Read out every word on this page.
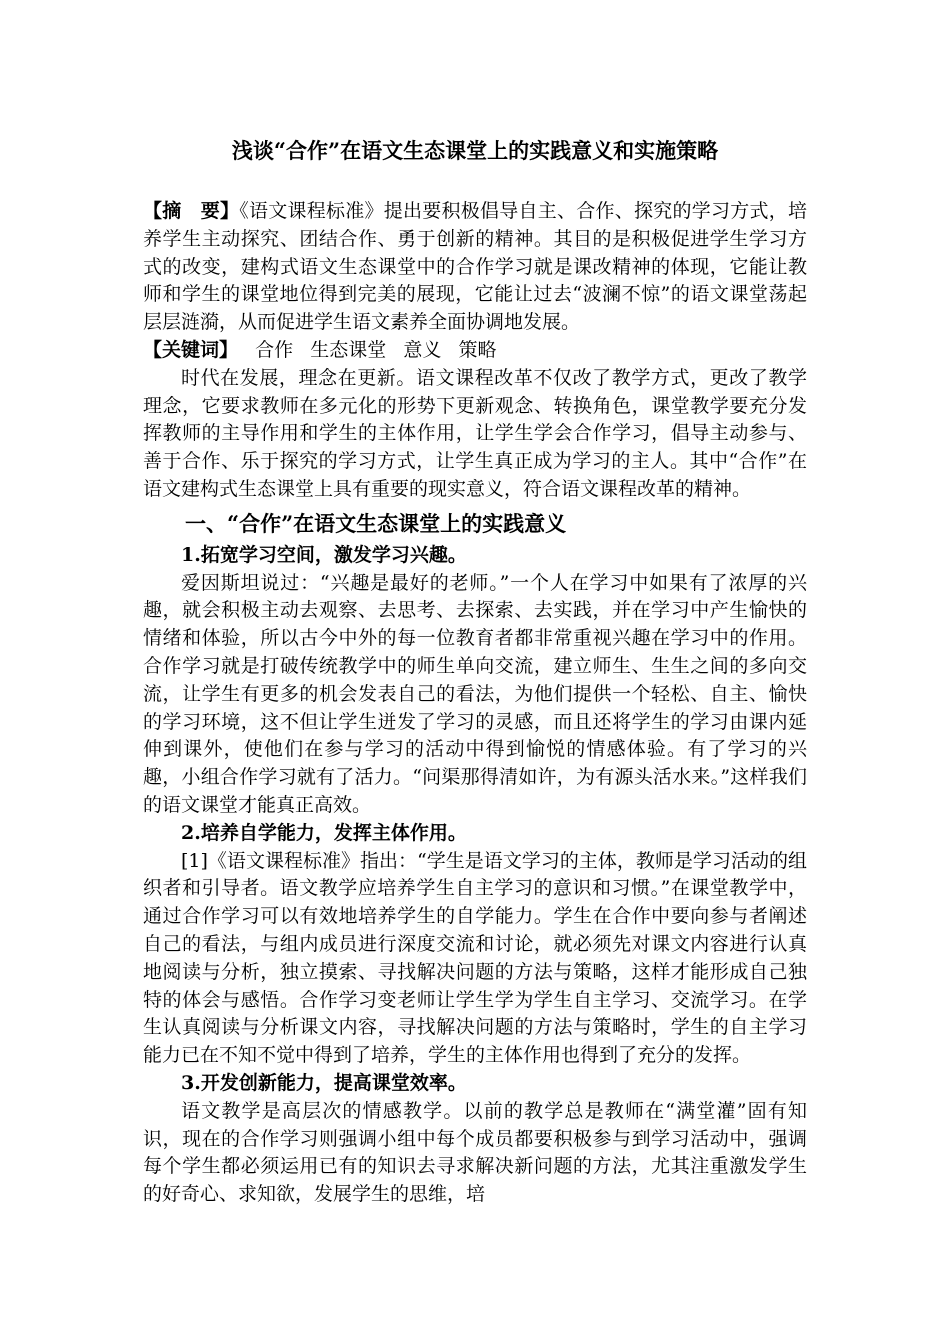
浅谈“合作”在语文生态课堂上的实践意义和实施策略

【摘　要】《语文课程标准》提出要积极倡导自主、合作、探究的学习方式，培养学生主动探究、团结合作、勇于创新的精神。其目的是积极促进学生学习方式的改变，建构式语文生态课堂中的合作学习就是课改精神的体现，它能让教师和学生的课堂地位得到完美的展现，它能让过去“波澜不惊”的语文课堂荡起层层涟漪，从而促进学生语文素养全面协调地发展。

【关键词】 合作 生态课堂 意义 策略

时代在发展，理念在更新。语文课程改革不仅改了教学方式，更改了教学理念，它要求教师在多元化的形势下更新观念、转换角色，课堂教学要充分发挥教师的主导作用和学生的主体作用，让学生学会合作学习，倡导主动参与、善于合作、乐于探究的学习方式，让学生真正成为学习的主人。其中“合作”在语文建构式生态课堂上具有重要的现实意义，符合语文课程改革的精神。

一、“合作”在语文生态课堂上的实践意义

1.拓宽学习空间，激发学习兴趣。

爱因斯坦说过：“兴趣是最好的老师。”一个人在学习中如果有了浓厚的兴趣，就会积极主动去观察、去思考、去探索、去实践，并在学习中产生愉快的情绪和体验，所以古今中外的每一位教育者都非常重视兴趣在学习中的作用。合作学习就是打破传统教学中的师生单向交流，建立师生、生生之间的多向交流，让学生有更多的机会发表自己的看法，为他们提供一个轻松、自主、愉快的学习环境，这不但让学生迸发了学习的灵感，而且还将学生的学习由课内延伸到课外，使他们在参与学习的活动中得到愉悦的情感体验。有了学习的兴趣，小组合作学习就有了活力。“问渠那得清如许，为有源头活水来。”这样我们的语文课堂才能真正高效。

2.培养自学能力，发挥主体作用。

[1]《语文课程标准》指出：“学生是语文学习的主体，教师是学习活动的组织者和引导者。语文教学应培养学生自主学习的意识和习惯。”在课堂教学中，通过合作学习可以有效地培养学生的自学能力。学生在合作中要向参与者阐述自己的看法，与组内成员进行深度交流和讨论，就必须先对课文内容进行认真地阅读与分析，独立摸索、寻找解决问题的方法与策略，这样才能形成自己独特的体会与感悟。合作学习变老师让学生学为学生自主学习、交流学习。在学生认真阅读与分析课文内容，寻找解决问题的方法与策略时，学生的自主学习能力已在不知不觉中得到了培养，学生的主体作用也得到了充分的发挥。

3.开发创新能力，提高课堂效率。

语文教学是高层次的情感教学。以前的教学总是教师在“满堂灌”固有知识，现在的合作学习则强调小组中每个成员都要积极参与到学习活动中，强调每个学生都必须运用已有的知识去寻求解决新问题的方法，尤其注重激发学生的好奇心、求知欲，发展学生的思维，培
